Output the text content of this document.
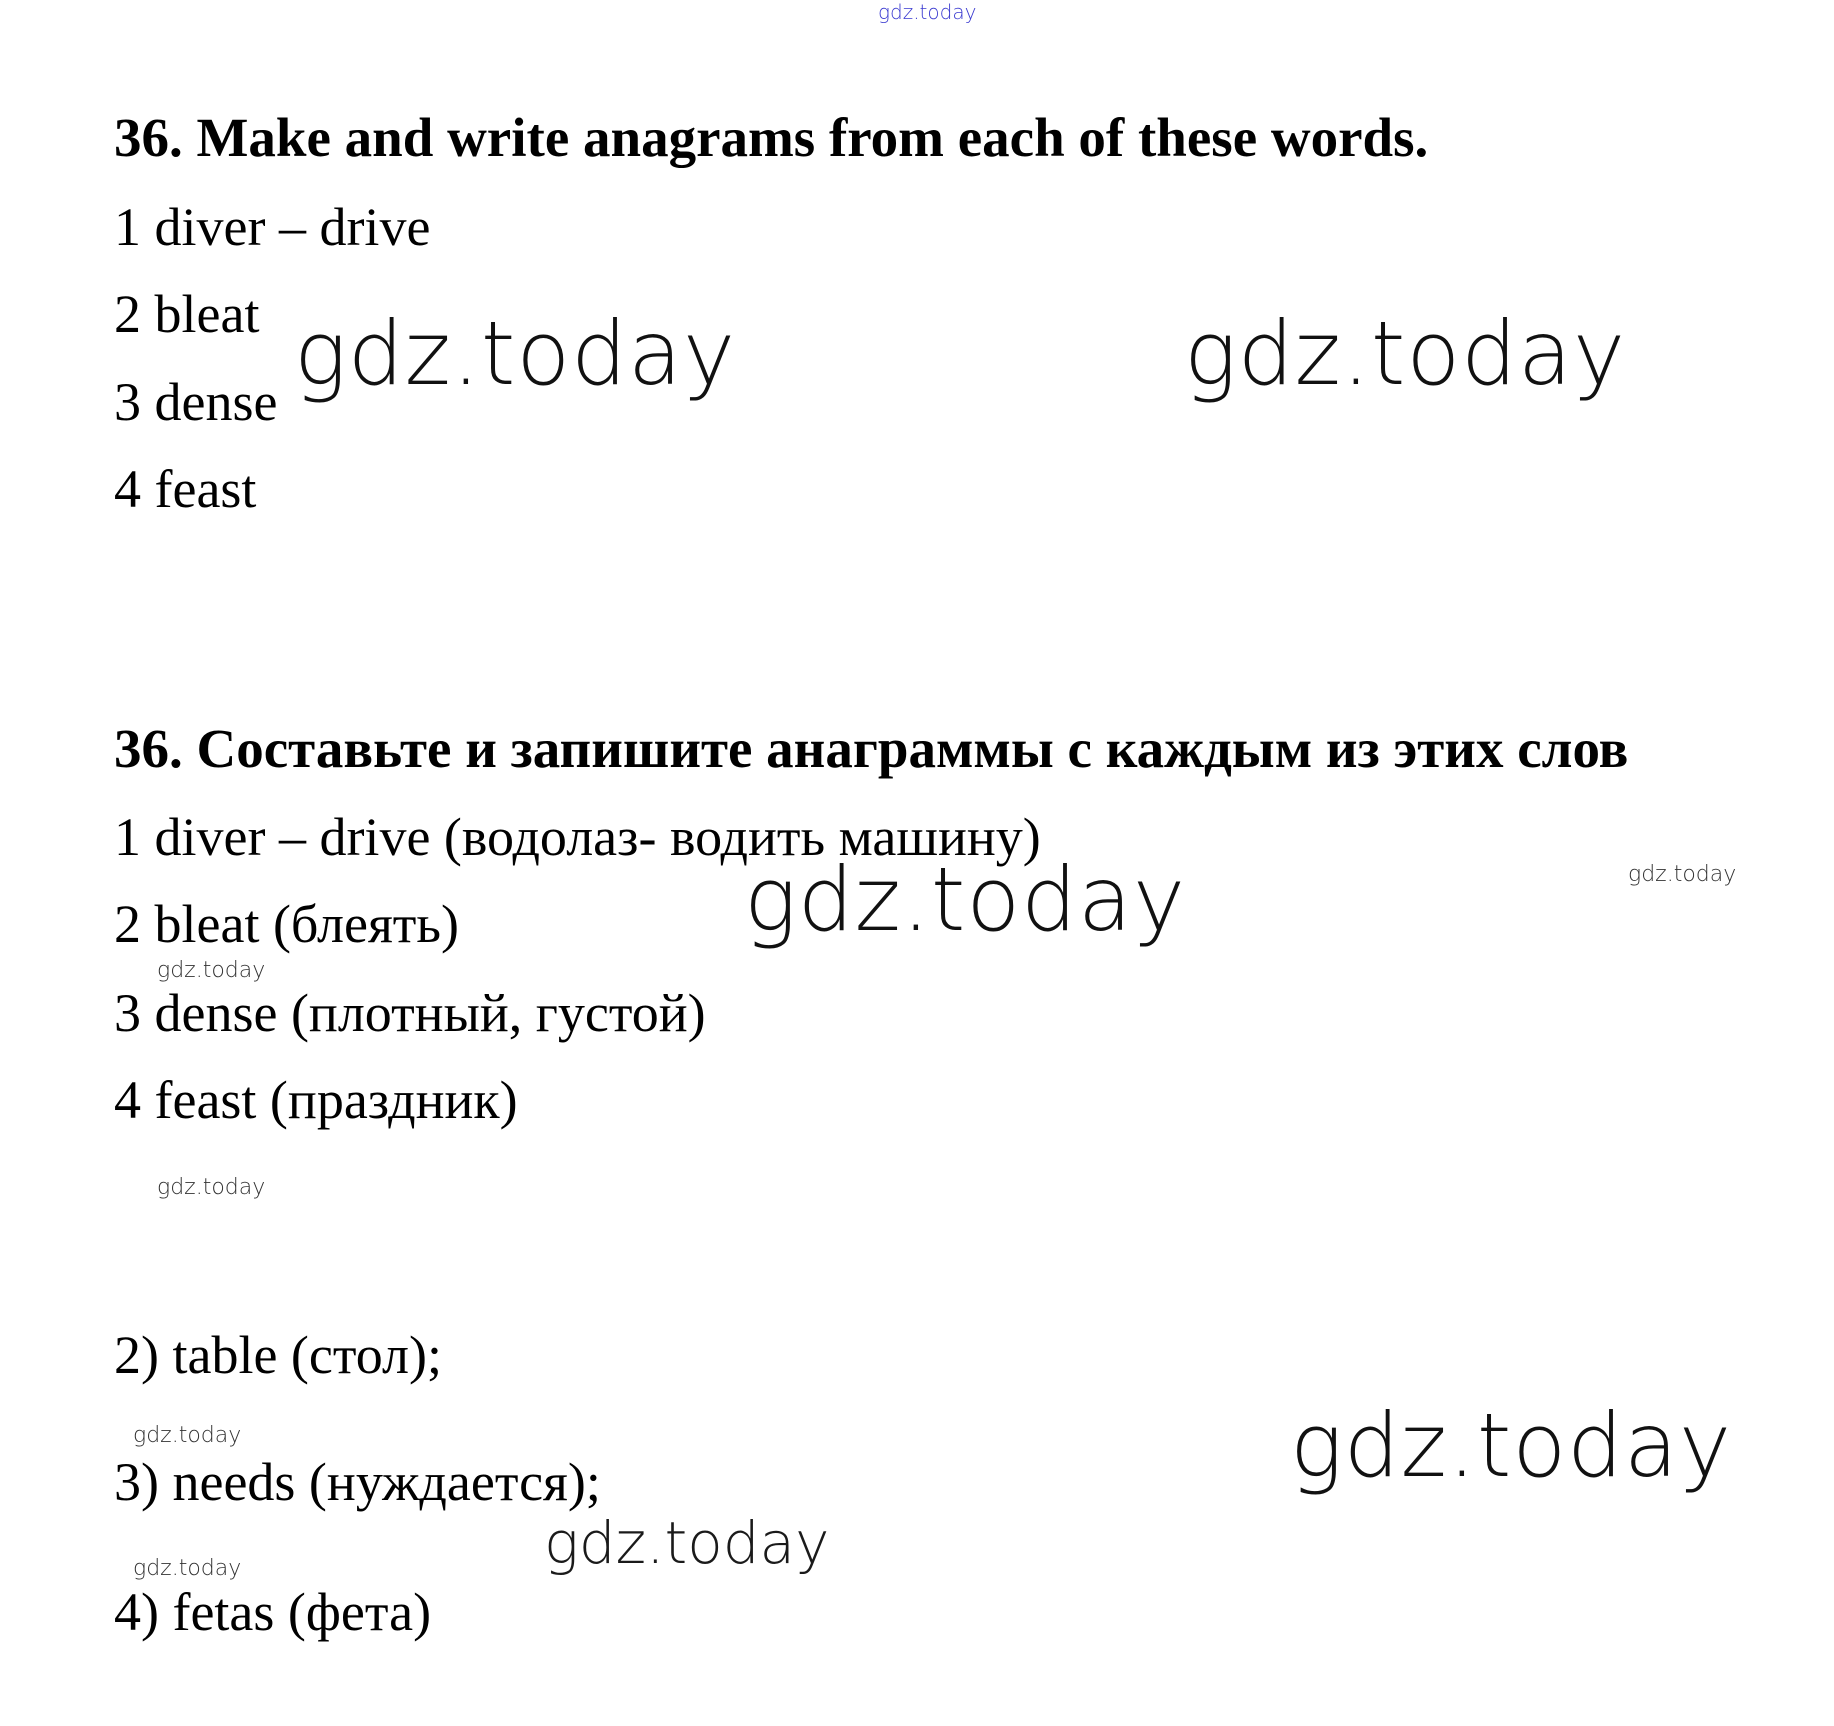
gdz.today
gdz.today	gdz.today
gdz.today	gdz.today
gdz.today
gdz.today
gdz.today	gdz.today
gdz.today
gdz.today
36. Make and write anagrams from each of these words.

1 diver – drive

2 bleat

3 dense

4 feast

36. Составьте и запишите анаграммы с каждым из этих слов

1 diver – drive (водолаз- водить машину)

2 bleat (блеять)

3 dense (плотный, густой)

4 feast (праздник)

2) table (стол);

3) needs (нуждается);

4) fetas (фета)
